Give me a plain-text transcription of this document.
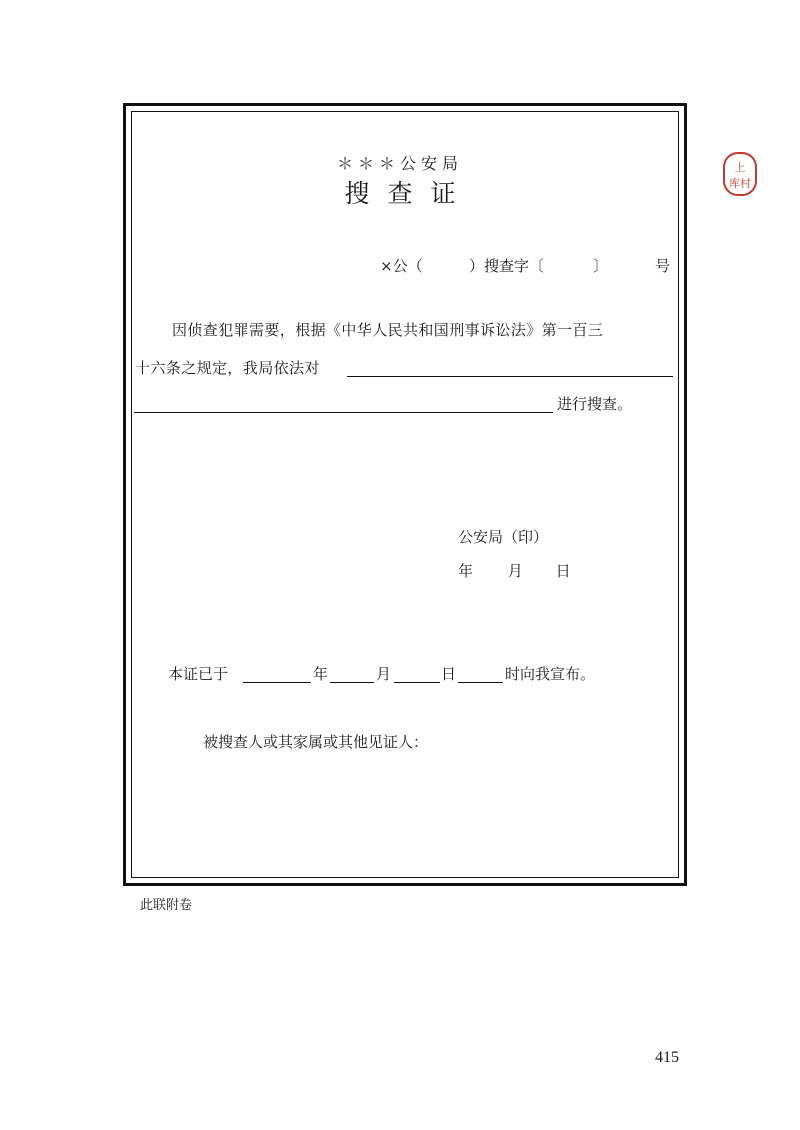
＊＊＊公安局
搜查证
×公（	）搜查字〔	〕	号
因侦查犯罪需要，根据《中华人民共和国刑事诉讼法》第一百三
十六条之规定，我局依法对
进行搜查。
公安局（印）
年 月 日
本证已于	年	月	日	时向我宣布。
被搜查人或其家属或其他见证人：
此联附卷
415
上
库村
